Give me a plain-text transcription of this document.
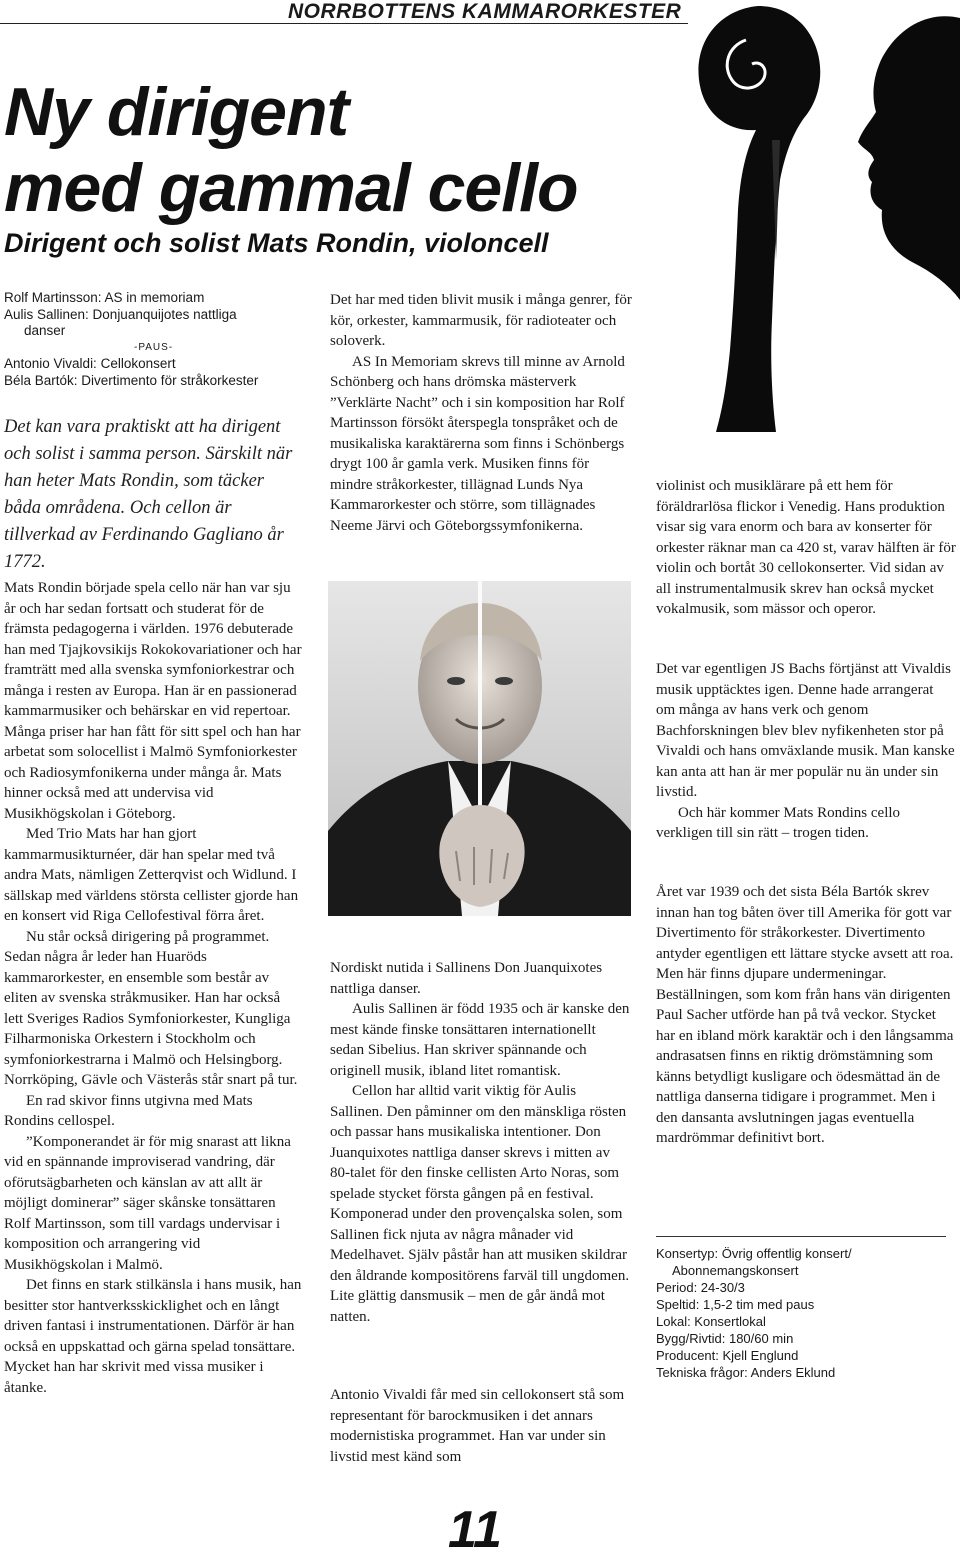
NORRBOTTENS KAMMARORKESTER
Ny dirigent
med gammal cello
Dirigent och solist Mats Rondin, violoncell
Rolf Martinsson: AS in memoriam
Aulis Sallinen: Donjuanquijotes nattliga
danser
-PAUS-
Antonio Vivaldi: Cellokonsert
Béla Bartók: Divertimento för stråkorkester
Det kan vara praktiskt att ha dirigent och solist i samma person. Särskilt när han heter Mats Rondin, som täcker båda områdena. Och cellon är tillverkad av Ferdinando Gagliano år 1772.

Mats Rondin började spela cello när han var sju år och har sedan fortsatt och studerat för de främsta pedagogerna i världen. 1976 debuterade han med Tjajkovsikijs Rokokovariationer och har framträtt med alla svenska symfoniorkestrar och många i resten av Europa. Han är en passionerad kammarmusiker och behärskar en vid repertoar. Många priser har han fått för sitt spel och han har arbetat som solocellist i Malmö Symfoniorkester och Radiosymfonikerna under många år. Mats hinner också med att undervisa vid Musikhögskolan i Göteborg.

Med Trio Mats har han gjort kammarmusikturnéer, där han spelar med två andra Mats, nämligen Zetterqvist och Widlund. I sällskap med världens största cellister gjorde han en konsert vid Riga Cellofestival förra året.

Nu står också dirigering på programmet. Sedan några år leder han Huaröds kammarorkester, en ensemble som består av eliten av svenska stråkmusiker. Han har också lett Sveriges Radios Symfoniorkester, Kungliga Filharmoniska Orkestern i Stockholm och symfoniorkestrarna i Malmö och Helsingborg. Norrköping, Gävle och Västerås står snart på tur.

En rad skivor finns utgivna med Mats Rondins cellospel.

”Komponerandet är för mig snarast att likna vid en spännande improviserad vandring, där oförutsägbarheten och känslan av att allt är möjligt dominerar” säger skånske tonsättaren Rolf Martinsson, som till vardags undervisar i komposition och arrangering vid Musikhögskolan i Malmö.

Det finns en stark stilkänsla i hans musik, han besitter stor hantverksskicklighet och en långt driven fantasi i instrumentationen. Därför är han också en uppskattad och gärna spelad tonsättare. Mycket han har skrivit med vissa musiker i åtanke.

Det har med tiden blivit musik i många genrer, för kör, orkester, kammarmusik, för radioteater och soloverk.

AS In Memoriam skrevs till minne av Arnold Schönberg och hans drömska mästerverk ”Verklärte Nacht” och i sin komposition har Rolf Martinsson försökt återspegla tonspråket och de musikaliska karaktärerna som finns i Schönbergs drygt 100 år gamla verk. Musiken finns för mindre stråkorkester, tillägnad Lunds Nya Kammarorkester och större, som tillägnades Neeme Järvi och Göteborgssymfonikerna.

Nordiskt nutida i Sallinens Don Juanquixotes nattliga danser.

Aulis Sallinen är född 1935 och är kanske den mest kände finske tonsättaren internationellt sedan Sibelius. Han skriver spännande och originell musik, ibland litet romantisk.

Cellon har alltid varit viktig för Aulis Sallinen. Den påminner om den mänskliga rösten och passar hans musikaliska intentioner. Don Juanquixotes nattliga danser skrevs i mitten av 80-talet för den finske cellisten Arto Noras, som spelade stycket första gången på en festival. Komponerad under den provençalska solen, som Sallinen fick njuta av några månader vid Medelhavet. Själv påstår han att musiken skildrar den åldrande kompositörens farväl till ungdomen. Lite glättig dansmusik – men de går ändå mot natten.

Antonio Vivaldi får med sin cellokonsert stå som representant för barockmusiken i det annars modernistiska programmet. Han var under sin livstid mest känd som

violinist och musiklärare på ett hem för föräldrarlösa flickor i Venedig. Hans produktion visar sig vara enorm och bara av konserter för orkester räknar man ca 420 st, varav hälften är för violin och bortåt 30 cellokonserter. Vid sidan av all instrumentalmusik skrev han också mycket vokalmusik, som mässor och operor.

Det var egentligen JS Bachs förtjänst att Vivaldis musik upptäcktes igen. Denne hade arrangerat om många av hans verk och genom Bachforskningen blev blev nyfikenheten stor på Vivaldi och hans omväxlande musik. Man kanske kan anta att han är mer populär nu än under sin livstid.

Och här kommer Mats Rondins cello verkligen till sin rätt – trogen tiden.

Året var 1939 och det sista Béla Bartók skrev innan han tog båten över till Amerika för gott var Divertimento för stråkorkester. Divertimento antyder egentligen ett lättare stycke avsett att roa. Men här finns djupare undermeningar. Beställningen, som kom från hans vän dirigenten Paul Sacher utförde han på två veckor. Stycket har en ibland mörk karaktär och i den långsamma andrasatsen finns en riktig drömstämning som känns betydligt kusligare och ödesmättad än de nattliga danserna tidigare i programmet. Men i den dansanta avslutningen jagas eventuella mardrömmar definitivt bort.

Konsertyp: Övrig offentlig konsert/
Abonnemangskonsert
Period: 24-30/3
Speltid: 1,5-2 tim med paus
Lokal: Konsertlokal
Bygg/Rivtid: 180/60 min
Producent: Kjell Englund
Tekniska frågor: Anders Eklund
11
